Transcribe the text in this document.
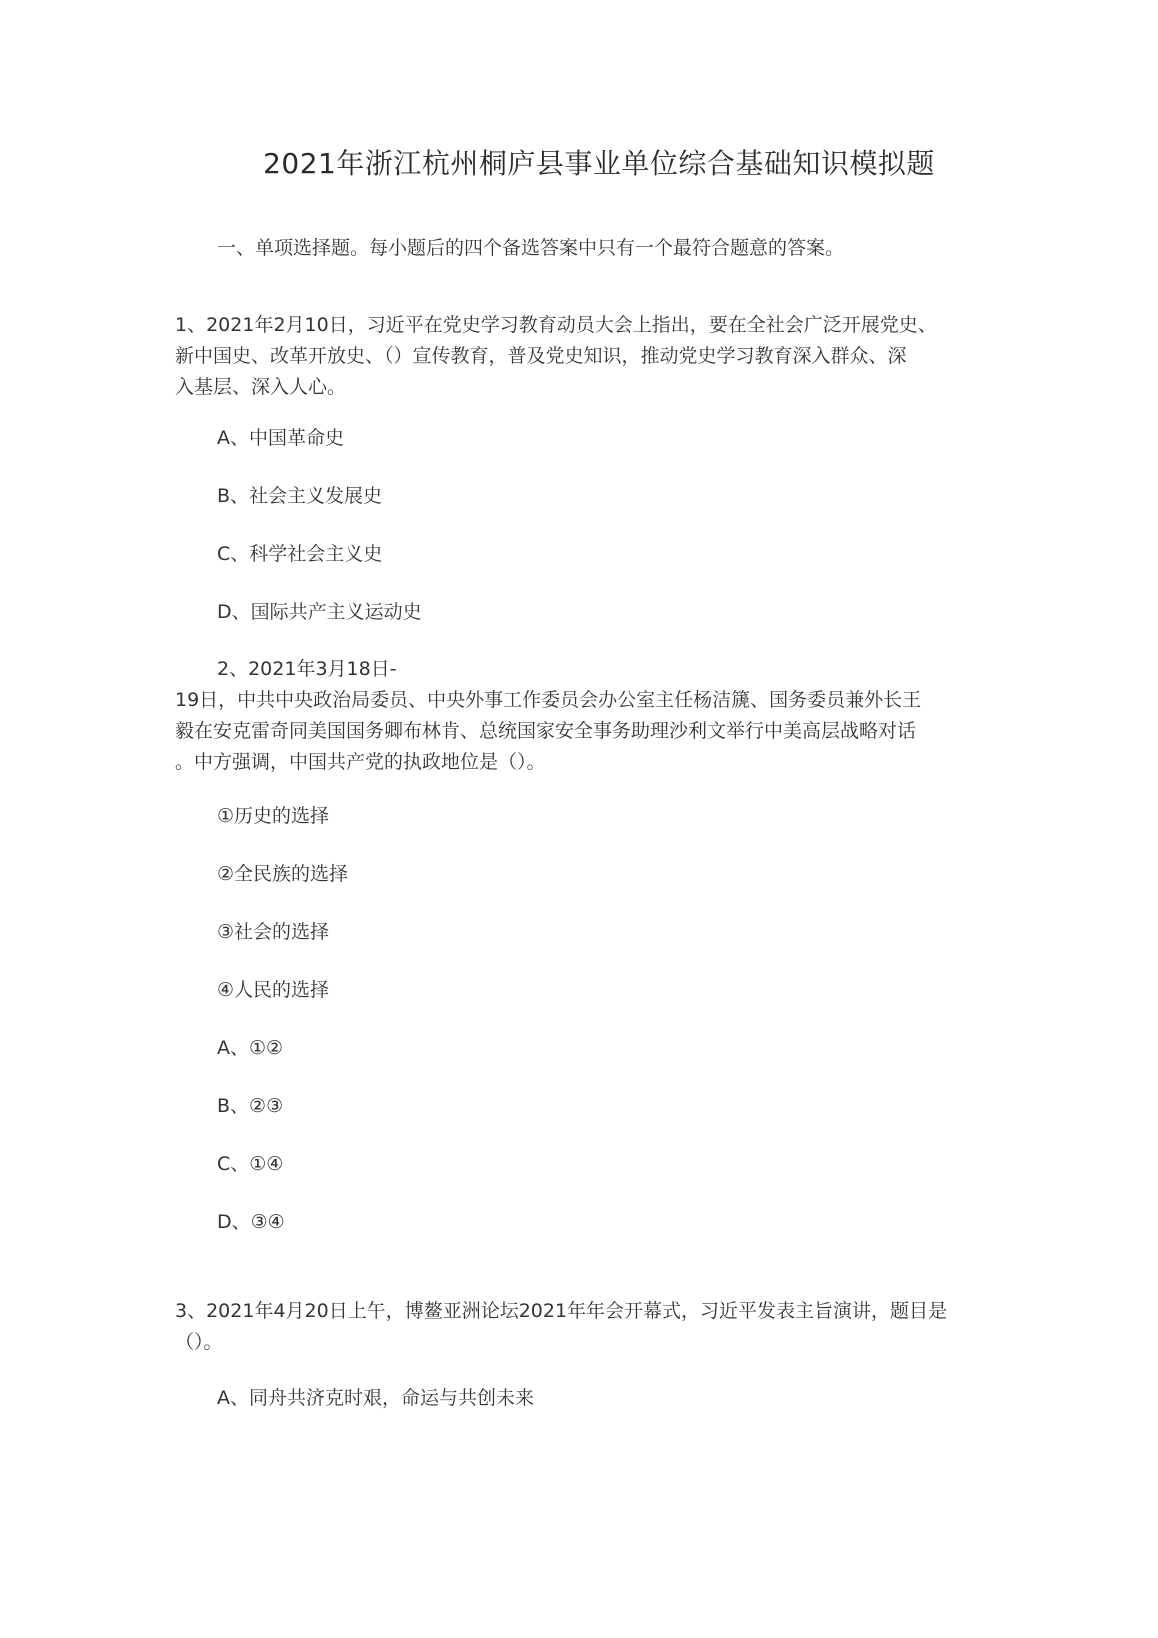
2021年浙江杭州桐庐县事业单位综合基础知识模拟题
一、单项选择题。每小题后的四个备选答案中只有一个最符合题意的答案。
1、2021年2月10日，习近平在党史学习教育动员大会上指出，要在全社会广泛开展党史、
新中国史、改革开放史、（）宣传教育，普及党史知识，推动党史学习教育深入群众、深
入基层、深入人心。
A、中国革命史
B、社会主义发展史
C、科学社会主义史
D、国际共产主义运动史
2、2021年3月18日-
19日，中共中央政治局委员、中央外事工作委员会办公室主任杨洁篪、国务委员兼外长王
毅在安克雷奇同美国国务卿布林肯、总统国家安全事务助理沙利文举行中美高层战略对话
。中方强调，中国共产党的执政地位是（）。
①历史的选择
②全民族的选择
③社会的选择
④人民的选择
A、①②
B、②③
C、①④
D、③④
3、2021年4月20日上午，博鳌亚洲论坛2021年年会开幕式，习近平发表主旨演讲，题目是
（）。
A、同舟共济克时艰，命运与共创未来
